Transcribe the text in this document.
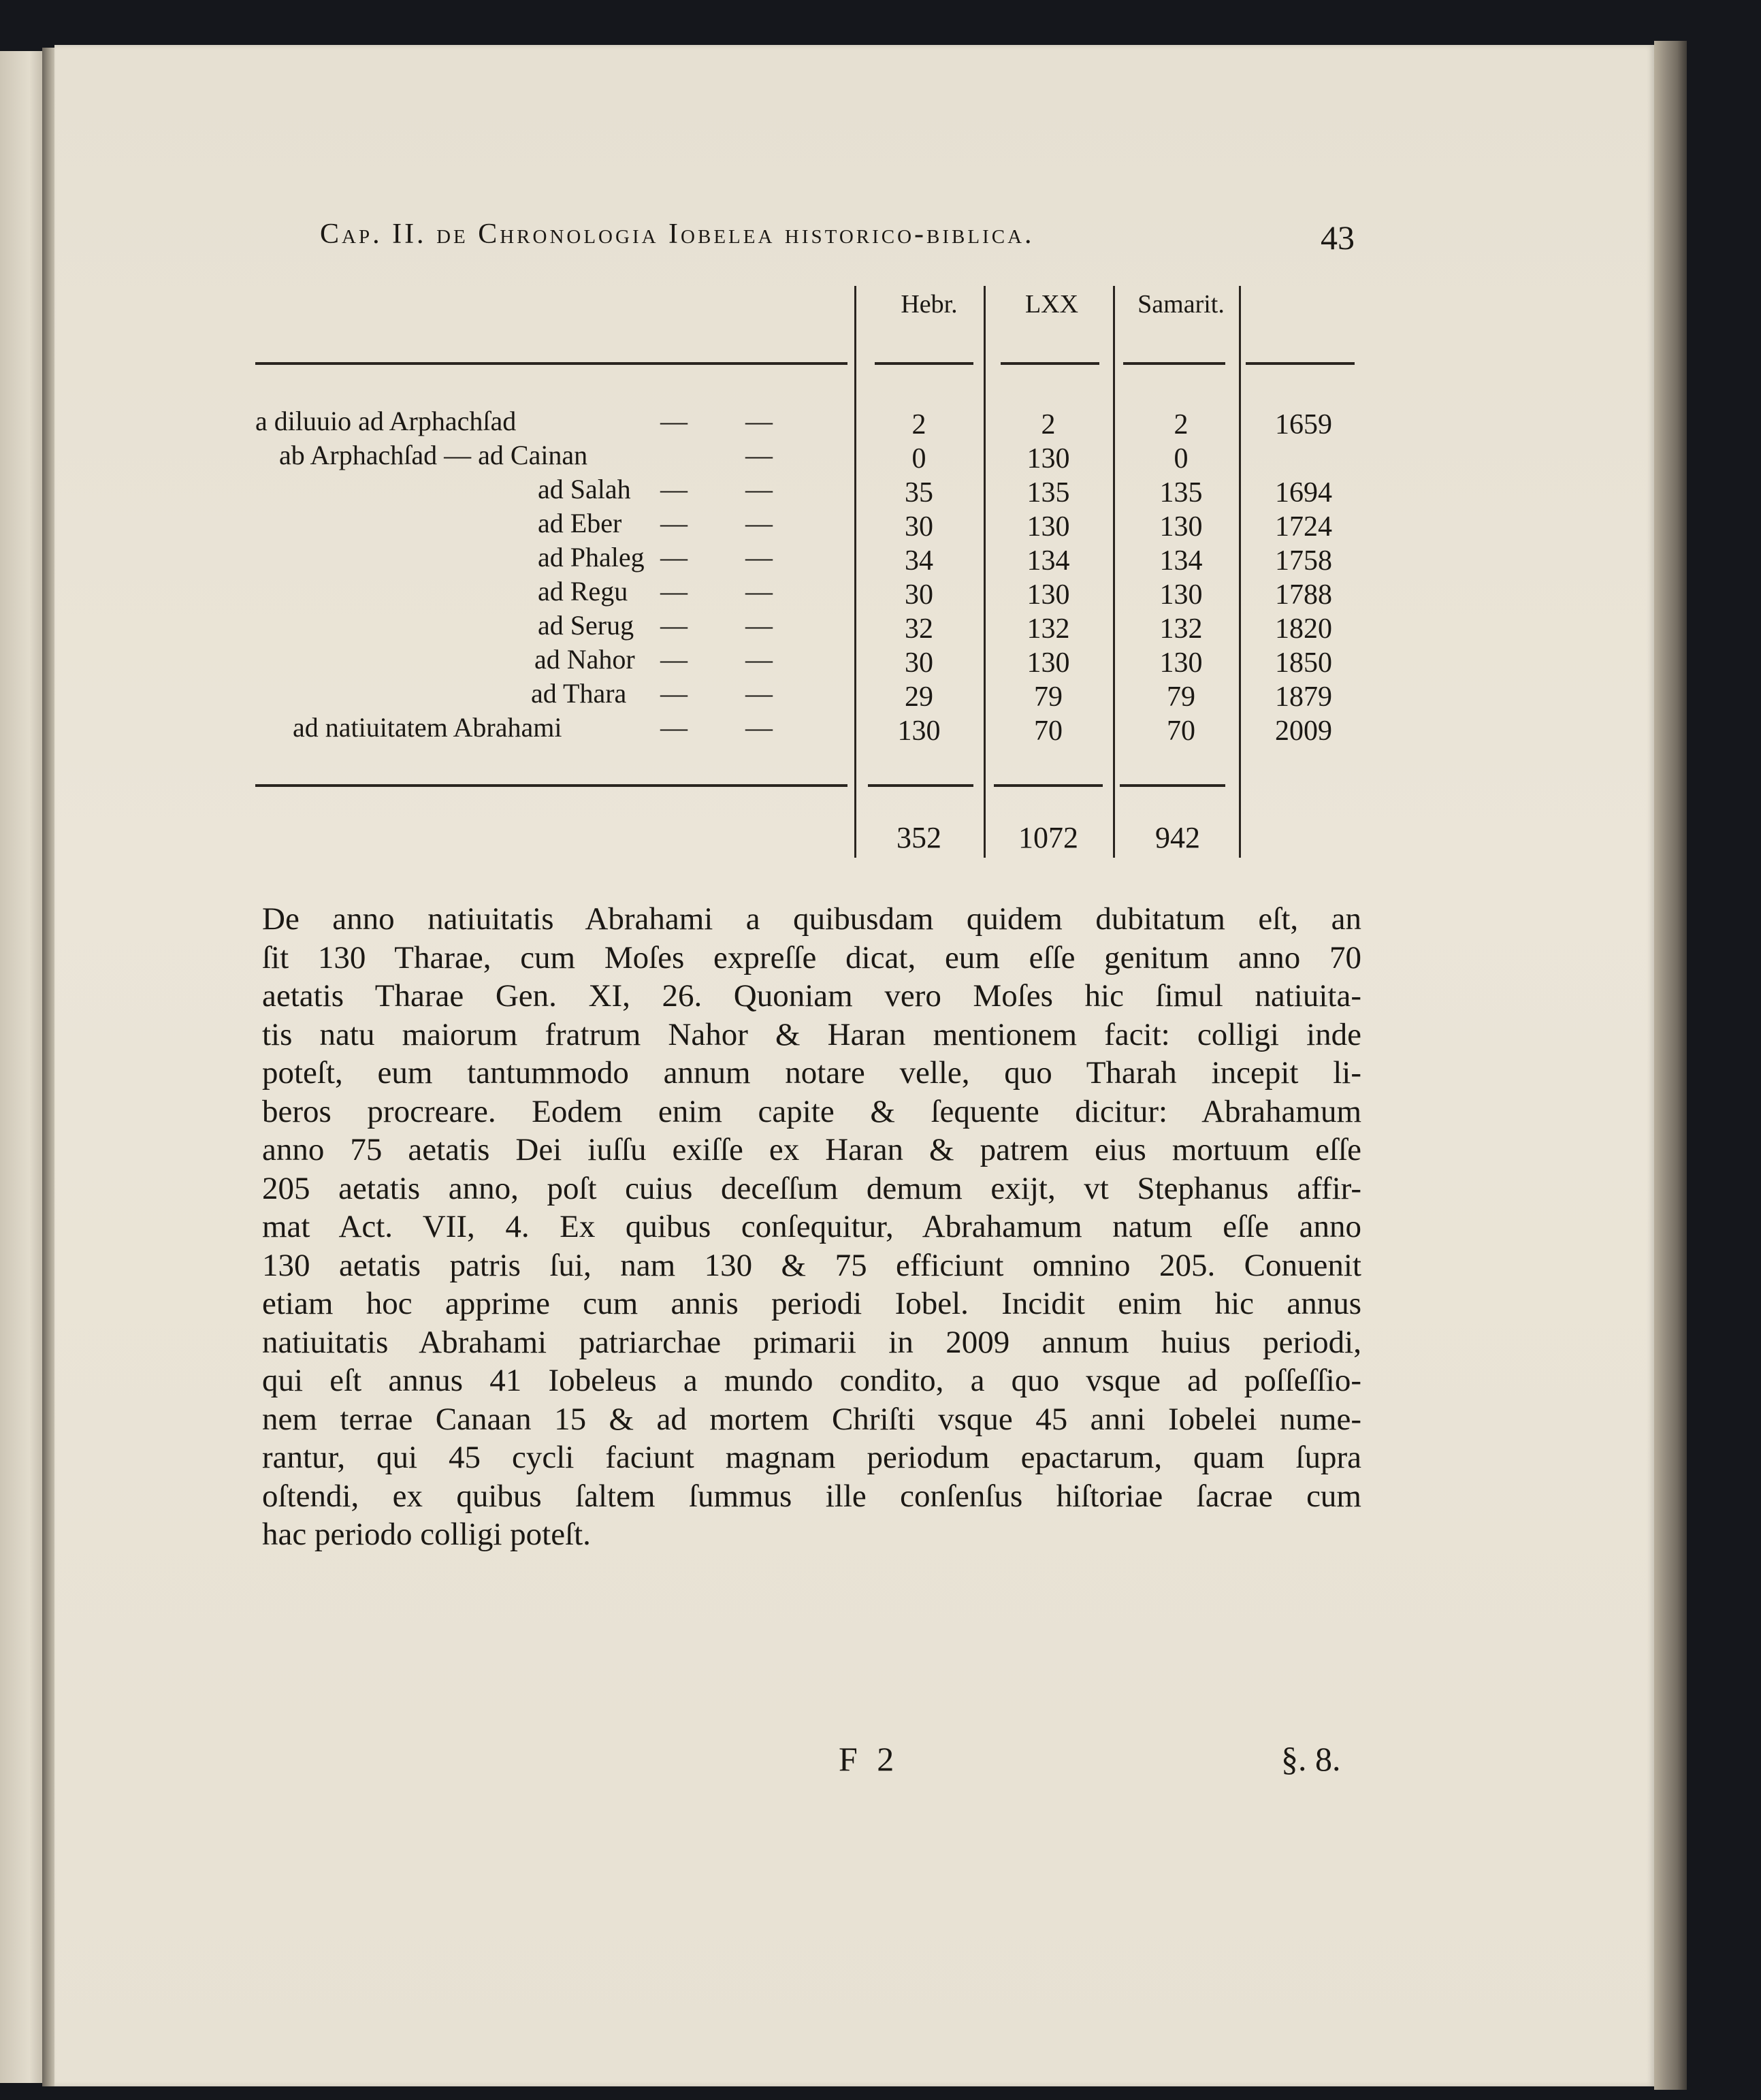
Cap. II. de Chronologia Iobelea historico-biblica.	43
Hebr.	LXX	Samarit.
a diluuio ad Arphachſad	— —	2	2	2	1659
ab Arphachſad — ad Cainan	—	0	130	0
ad Salah — —	35	135	135	1694
ad Eber — —	30	130	130	1724
ad Phaleg — —	34	134	134	1758
ad Regu — —	30	130	130	1788
ad Serug — —	32	132	132	1820
ad Nahor — —	30	130	130	1850
ad Thara — —	29	79	79	1879
ad natiuitatem Abrahami	— —	130	70	70	2009
352	1072	942
De anno natiuitatis Abrahami a quibusdam quidem dubitatum eſt, an
ſit 130 Tharae, cum Moſes expreſſe dicat, eum eſſe genitum anno 70
aetatis Tharae Gen. XI, 26. Quoniam vero Moſes hic ſimul natiuita-
tis natu maiorum fratrum Nahor & Haran mentionem facit: colligi inde
poteſt, eum tantummodo annum notare velle, quo Tharah incepit li-
beros procreare. Eodem enim capite & ſequente dicitur: Abrahamum
anno 75 aetatis Dei iuſſu exiſſe ex Haran & patrem eius mortuum eſſe
205 aetatis anno, poſt cuius deceſſum demum exijt, vt Stephanus affir-
mat Act. VII, 4. Ex quibus conſequitur, Abrahamum natum eſſe anno
130 aetatis patris ſui, nam 130 & 75 efficiunt omnino 205. Conuenit
etiam hoc apprime cum annis periodi Iobel. Incidit enim hic annus
natiuitatis Abrahami patriarchae primarii in 2009 annum huius periodi,
qui eſt annus 41 Iobeleus a mundo condito, a quo vsque ad poſſeſſio-
nem terrae Canaan 15 & ad mortem Chriſti vsque 45 anni Iobelei nume-
rantur, qui 45 cycli faciunt magnam periodum epactarum, quam ſupra
oſtendi, ex quibus ſaltem ſummus ille conſenſus hiſtoriae ſacrae cum
hac periodo colligi poteſt.
F 2	§. 8.
